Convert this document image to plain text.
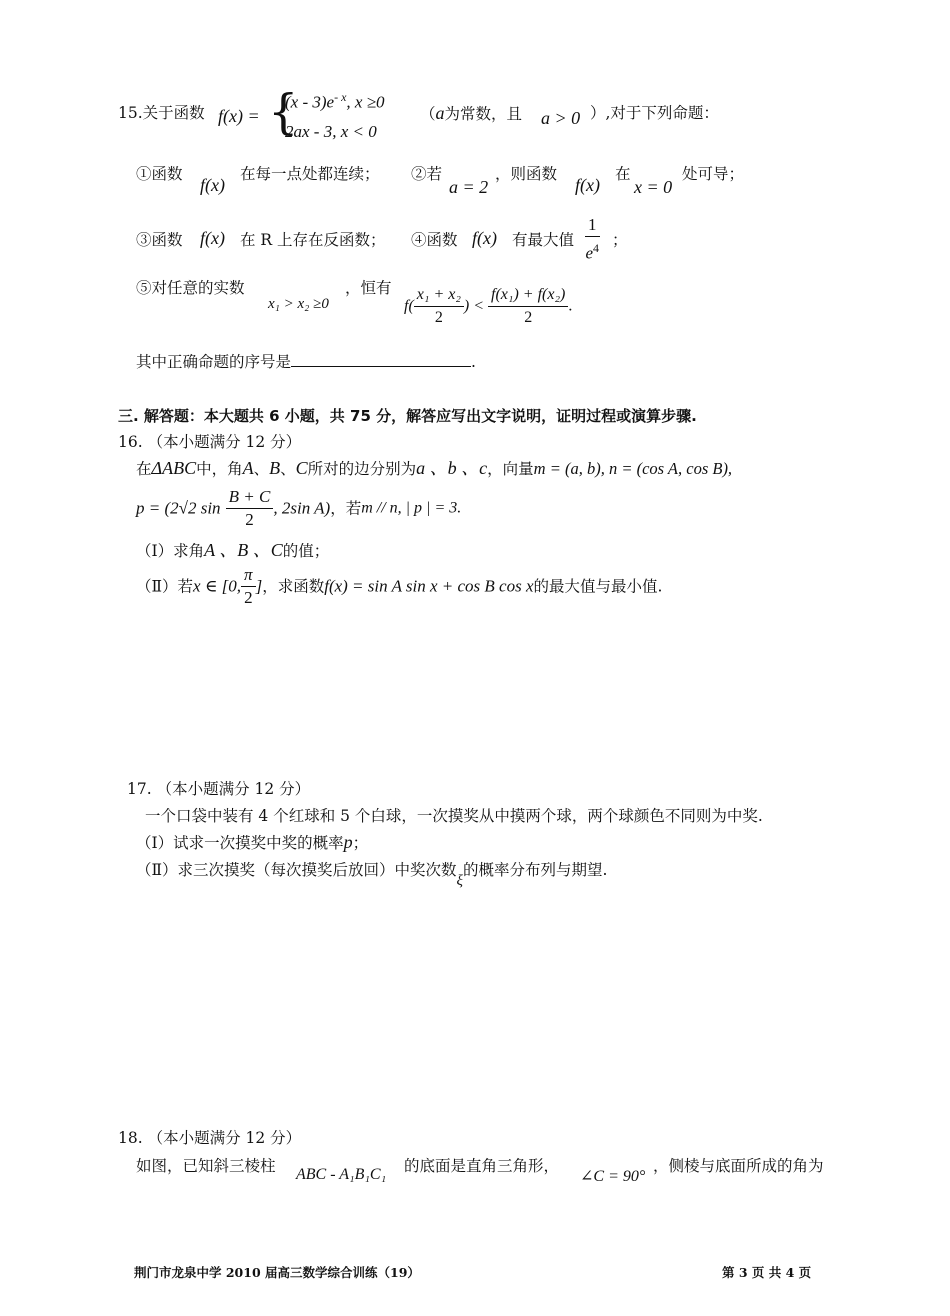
15.关于函数 f(x) = {
$(x - 3)e^{- x}$, x ≥0
2ax - 3, x < 0
（a为常数，且 a > 0 ）,对于下列命题：
①函数
f(x)
在每一点处都连续； ②若
a = 2
，则函数
f(x)
在
x = 0
处可导；
③函数 f(x) 在 R 上存在反函数； ④函数 f(x) 有最大值 $\frac{1}{e^4}$ ；
⑤对任意的实数
x₁ > x₂ ≥0
，恒有
$f( \frac{\text{x₁ + x₂}}{2}$ ) < $\frac{\text{f(x₁) + f(x₂)}}{2}$ .
其中正确命题的序号是	.
三. 解答题：本大题共 6 小题，共 75 分，解答应写出文字说明，证明过程或演算步骤.
16. （本小题满分 12 分）
在ΔABC中，角A、B、C所对的边分别为a 、b 、c，向量m = (a, b), n = (cos A, cos B),
p = (2√2 $\sin \frac{B + C}{2}$ , 2sin A)，若m // n, | p | = 3.
（Ⅰ）求角A 、B 、C的值；
（Ⅱ）若x ∈ [0, $\frac{\pi}{2}$ ]，求函数f(x) = sin A sin x + cos B cos x的最大值与最小值.
17. （本小题满分 12 分）
一个口袋中装有 4 个红球和 5 个白球，一次摸奖从中摸两个球，两个球颜色不同则为中奖.
（Ⅰ）试求一次摸奖中奖的概率p；
（Ⅱ）求三次摸奖（每次摸奖后放回）中奖次数ξ的概率分布列与期望.
18. （本小题满分 12 分）
如图，已知斜三棱柱 ABC - A₁B₁C₁ 的底面是直角三角形，
∠C = 90°
，侧棱与底面所成的角为
荆门市龙泉中学 2010 届高三数学综合训练（19）	第 3 页 共 4 页
